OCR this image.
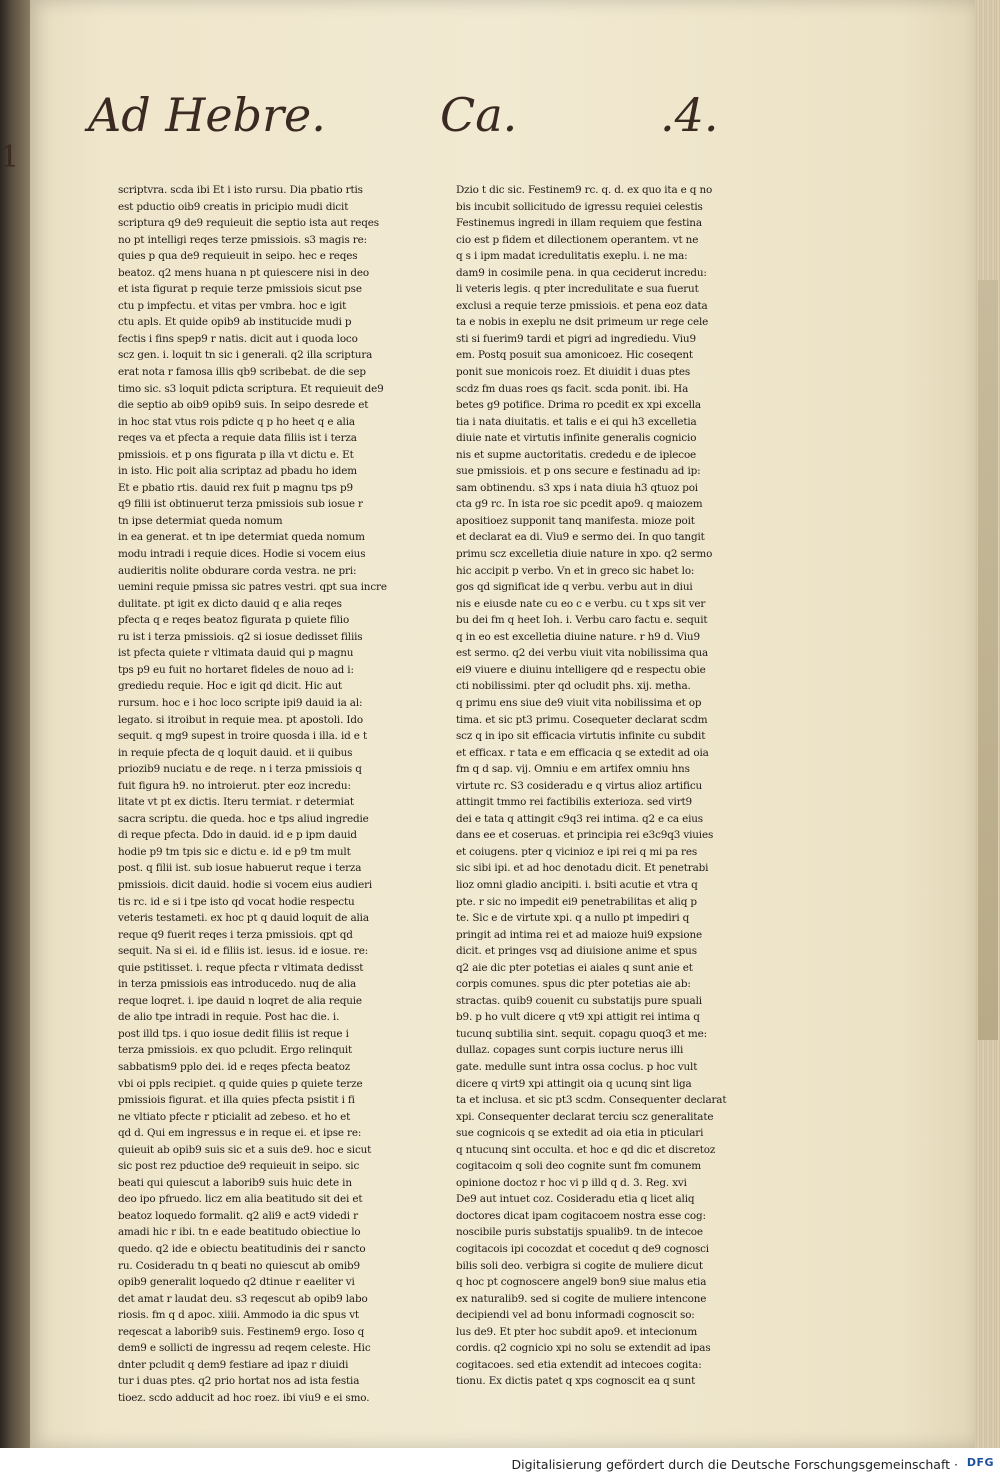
1
Ad Hebre. Ca.	.4.
scriptvra. scda ibi Et i isto rursu. Dia pbatio rtis
est pductio oib9 creatis in pricipio mudi dicit
scriptura q9 de9 requieuit die septio ista aut reqes
no pt intelligi reqes terze pmissiois. s3 magis re:
quies p qua de9 requieuit in seipo. hec e reqes
beatoz. q2 mens huana n pt quiescere nisi in deo
et ista figurat p requie terze pmissiois sicut pse
ctu p impfectu. et vitas per vmbra. hoc e igit
ctu apls. Et quide opib9 ab institucide mudi p
fectis i fins spep9 r natis. dicit aut i quoda loco
scz gen. i. loquit tn sic i generali. q2 illa scriptura
erat nota r famosa illis qb9 scribebat. de die sep
timo sic. s3 loquit pdicta scriptura. Et requieuit de9
die septio ab oib9 opib9 suis. In seipo desrede et
in hoc stat vtus rois pdicte q p ho heet q e alia
reqes va et pfecta a requie data filiis ist i terza
pmissiois. et p ons figurata p illa vt dictu e. Et
in isto. Hic poit alia scriptaz ad pbadu ho idem
Et e pbatio rtis. dauid rex fuit p magnu tps p9
q9 filii ist obtinuerut terza pmissiois sub iosue r
tn ipse determiat queda nomum
in ea generat. et tn ipe determiat queda nomum
modu intradi i requie dices. Hodie si vocem eius
audieritis nolite obdurare corda vestra. ne pri:
uemini requie pmissa sic patres vestri. qpt sua incre
dulitate. pt igit ex dicto dauid q e alia reqes
pfecta q e reqes beatoz figurata p quiete filio
ru ist i terza pmissiois. q2 si iosue dedisset filiis
ist pfecta quiete r vltimata dauid qui p magnu
tps p9 eu fuit no hortaret fideles de nouo ad i:
grediedu requie. Hoc e igit qd dicit. Hic aut
rursum. hoc e i hoc loco scripte ipi9 dauid ia al:
legato. si itroibut in requie mea. pt apostoli. Ido
sequit. q mg9 supest in troire quosda i illa. id e t
in requie pfecta de q loquit dauid. et ii quibus
priozib9 nuciatu e de reqe. n i terza pmissiois q
fuit figura h9. no introierut. pter eoz incredu:
litate vt pt ex dictis. Iteru termiat. r determiat
sacra scriptu. die queda. hoc e tps aliud ingredie
di reque pfecta. Ddo in dauid. id e p ipm dauid
hodie p9 tm tpis sic e dictu e. id e p9 tm mult
post. q filii ist. sub iosue habuerut reque i terza
pmissiois. dicit dauid. hodie si vocem eius audieri
tis rc. id e si i tpe isto qd vocat hodie respectu
veteris testameti. ex hoc pt q dauid loquit de alia
reque q9 fuerit reqes i terza pmissiois. qpt qd
sequit. Na si ei. id e filiis ist. iesus. id e iosue. re:
quie pstitisset. i. reque pfecta r vltimata dedisst
in terza pmissiois eas introducedo. nuq de alia
reque loqret. i. ipe dauid n loqret de alia requie
de alio tpe intradi in requie. Post hac die. i.
post illd tps. i quo iosue dedit filiis ist reque i
terza pmissiois. ex quo pcludit. Ergo relinquit
sabbatism9 pplo dei. id e reqes pfecta beatoz
vbi oi ppls recipiet. q quide quies p quiete terze
pmissiois figurat. et illa quies pfecta psistit i fi
ne vltiato pfecte r pticialit ad zebeso. et ho et
qd d. Qui em ingressus e in reque ei. et ipse re:
quieuit ab opib9 suis sic et a suis de9. hoc e sicut
sic post rez pductioe de9 requieuit in seipo. sic
beati qui quiescut a laborib9 suis huic dete in
deo ipo pfruedo. licz em alia beatitudo sit dei et
beatoz loquedo formalit. q2 ali9 e act9 videdi r
amadi hic r ibi. tn e eade beatitudo obiectiue lo
quedo. q2 ide e obiectu beatitudinis dei r sancto
ru. Cosideradu tn q beati no quiescut ab omib9
opib9 generalit loquedo q2 dtinue r eaeliter vi
det amat r laudat deu. s3 reqescut ab opib9 labo
riosis. fm q d apoc. xiiii. Ammodo ia dic spus vt
reqescat a laborib9 suis. Festinem9 ergo. Ioso q
dem9 e sollicti de ingressu ad reqem celeste. Hic
dnter pcludit q dem9 festiare ad ipaz r diuidi
tur i duas ptes. q2 prio hortat nos ad ista festia
tioez. scdo adducit ad hoc roez. ibi viu9 e ei smo.
Dzio t dic sic. Festinem9 rc. q. d. ex quo ita e q no
bis incubit sollicitudo de igressu requiei celestis
Festinemus ingredi in illam requiem que festina
cio est p fidem et dilectionem operantem. vt ne
q s i ipm madat icredulitatis exeplu. i. ne ma:
dam9 in cosimile pena. in qua ceciderut incredu:
li veteris legis. q pter incredulitate e sua fuerut
exclusi a requie terze pmissiois. et pena eoz data
ta e nobis in exeplu ne dsit primeum ur rege cele
sti si fuerim9 tardi et pigri ad ingrediedu. Viu9
em. Postq posuit sua amonicoez. Hic coseqent
ponit sue monicois roez. Et diuidit i duas ptes
scdz fm duas roes qs facit. scda ponit. ibi. Ha
betes g9 potifice. Drima ro pcedit ex xpi excella
tia i nata diuitatis. et talis e ei qui h3 excelletia
diuie nate et virtutis infinite generalis cognicio
nis et supme auctoritatis. crededu e de iplecoe
sue pmissiois. et p ons secure e festinadu ad ip:
sam obtinendu. s3 xps i nata diuia h3 qtuoz poi
cta g9 rc. In ista roe sic pcedit apo9. q maiozem
apositioez supponit tanq manifesta. mioze poit
et declarat ea di. Viu9 e sermo dei. In quo tangit
primu scz excelletia diuie nature in xpo. q2 sermo
hic accipit p verbo. Vn et in greco sic habet lo:
gos qd significat ide q verbu. verbu aut in diui
nis e eiusde nate cu eo c e verbu. cu t xps sit ver
bu dei fm q heet Ioh. i. Verbu caro factu e. sequit
q in eo est excelletia diuine nature. r h9 d. Viu9
est sermo. q2 dei verbu viuit vita nobilissima qua
ei9 viuere e diuinu intelligere qd e respectu obie
cti nobilissimi. pter qd ocludit phs. xij. metha.
q primu ens siue de9 viuit vita nobilissima et op
tima. et sic pt3 primu. Cosequeter declarat scdm
scz q in ipo sit efficacia virtutis infinite cu subdit
et efficax. r tata e em efficacia q se extedit ad oia
fm q d sap. vij. Omniu e em artifex omniu hns
virtute rc. S3 cosideradu e q virtus alioz artificu
attingit tmmo rei factibilis exterioza. sed virt9
dei e tata q attingit c9q3 rei intima. q2 e ca eius
dans ee et coseruas. et principia rei e3c9q3 viuies
et coiugens. pter q vicinioz e ipi rei q mi pa res
sic sibi ipi. et ad hoc denotadu dicit. Et penetrabi
lioz omni gladio ancipiti. i. bsiti acutie et vtra q
pte. r sic no impedit ei9 penetrabilitas et aliq p
te. Sic e de virtute xpi. q a nullo pt impediri q
pringit ad intima rei et ad maioze hui9 expsione
dicit. et pringes vsq ad diuisione anime et spus
q2 aie dic pter potetias ei aiales q sunt anie et
corpis comunes. spus dic pter potetias aie ab:
stractas. quib9 couenit cu substatijs pure spuali
b9. p ho vult dicere q vt9 xpi attigit rei intima q
tucunq subtilia sint. sequit. copagu quoq3 et me:
dullaz. copages sunt corpis iucture nerus illi
gate. medulle sunt intra ossa coclus. p hoc vult
dicere q virt9 xpi attingit oia q ucunq sint liga
ta et inclusa. et sic pt3 scdm. Consequenter declarat
xpi. Consequenter declarat terciu scz generalitate
sue cognicois q se extedit ad oia etia in pticulari
q ntucunq sint occulta. et hoc e qd dic et discretoz
cogitacoim q soli deo cognite sunt fm comunem
opinione doctoz r hoc vi p illd q d. 3. Reg. xvi
De9 aut intuet coz. Cosideradu etia q licet aliq
doctores dicat ipam cogitacoem nostra esse cog:
noscibile puris substatijs spualib9. tn de intecoe
cogitacois ipi cocozdat et cocedut q de9 cognosci
bilis soli deo. verbigra si cogite de muliere dicut
q hoc pt cognoscere angel9 bon9 siue malus etia
ex naturalib9. sed si cogite de muliere intencone
decipiendi vel ad bonu informadi cognoscit so:
lus de9. Et pter hoc subdit apo9. et intecionum
cordis. q2 cognicio xpi no solu se extendit ad ipas
cogitacoes. sed etia extendit ad intecoes cogita:
tionu. Ex dictis patet q xps cognoscit ea q sunt
Digitalisierung gefördert durch die Deutsche Forschungsgemeinschaft · DFG
